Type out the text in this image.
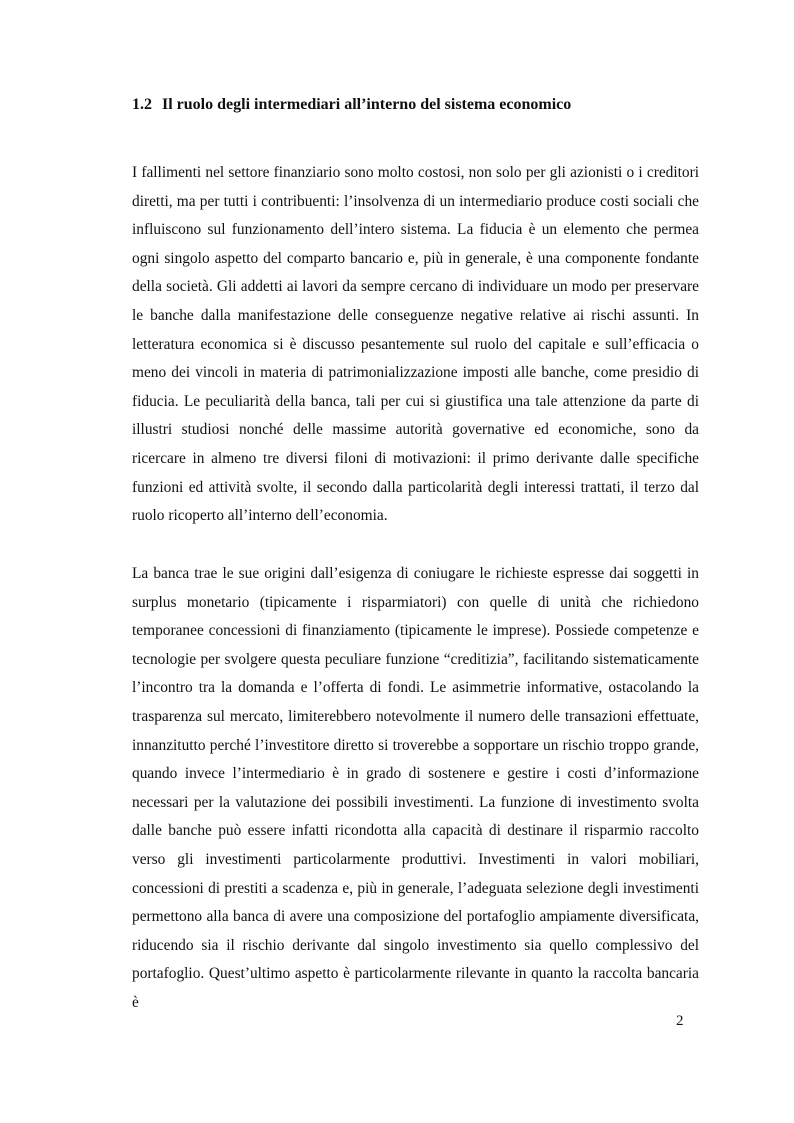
1.2 Il ruolo degli intermediari all’interno del sistema economico

I fallimenti nel settore finanziario sono molto costosi, non solo per gli azionisti o i creditori diretti, ma per tutti i contribuenti: l’insolvenza di un intermediario produce costi sociali che influiscono sul funzionamento dell’intero sistema. La fiducia è un elemento che permea ogni singolo aspetto del comparto bancario e, più in generale, è una componente fondante della società. Gli addetti ai lavori da sempre cercano di individuare un modo per preservare le banche dalla manifestazione delle conseguenze negative relative ai rischi assunti. In letteratura economica si è discusso pesantemente sul ruolo del capitale e sull’efficacia o meno dei vincoli in materia di patrimonializzazione imposti alle banche, come presidio di fiducia. Le peculiarità della banca, tali per cui si giustifica una tale attenzione da parte di illustri studiosi nonché delle massime autorità governative ed economiche, sono da ricercare in almeno tre diversi filoni di motivazioni: il primo derivante dalle specifiche funzioni ed attività svolte, il secondo dalla particolarità degli interessi trattati, il terzo dal ruolo ricoperto all’interno dell’economia.

La banca trae le sue origini dall’esigenza di coniugare le richieste espresse dai soggetti in surplus monetario (tipicamente i risparmiatori) con quelle di unità che richiedono temporanee concessioni di finanziamento (tipicamente le imprese). Possiede competenze e tecnologie per svolgere questa peculiare funzione “creditizia”, facilitando sistematicamente l’incontro tra la domanda e l’offerta di fondi. Le asimmetrie informative, ostacolando la trasparenza sul mercato, limiterebbero notevolmente il numero delle transazioni effettuate, innanzitutto perché l’investitore diretto si troverebbe a sopportare un rischio troppo grande, quando invece l’intermediario è in grado di sostenere e gestire i costi d’informazione necessari per la valutazione dei possibili investimenti. La funzione di investimento svolta dalle banche può essere infatti ricondotta alla capacità di destinare il risparmio raccolto verso gli investimenti particolarmente produttivi. Investimenti in valori mobiliari, concessioni di prestiti a scadenza e, più in generale, l’adeguata selezione degli investimenti permettono alla banca di avere una composizione del portafoglio ampiamente diversificata, riducendo sia il rischio derivante dal singolo investimento sia quello complessivo del portafoglio. Quest’ultimo aspetto è particolarmente rilevante in quanto la raccolta bancaria è

2
